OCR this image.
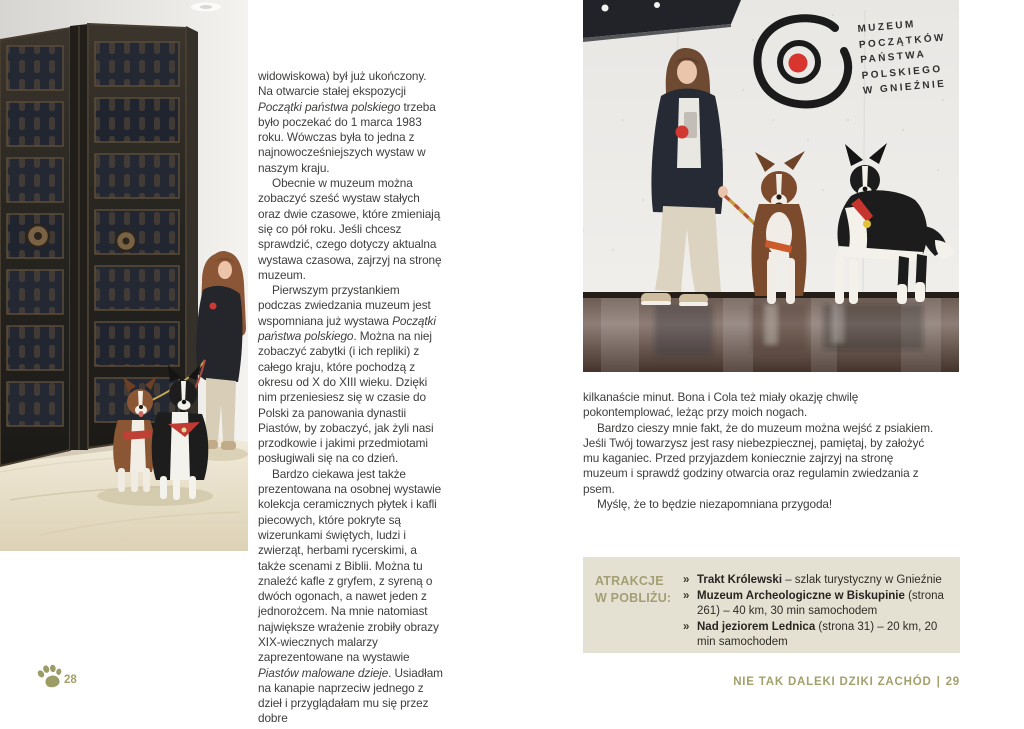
widowiskowa) był już ukończony. Na otwarcie stałej ekspozycji Początki państwa polskiego trzeba było poczekać do 1 marca 1983 roku. Wówczas była to jedna z najnowocześniejszych wystaw w naszym kraju.

Obecnie w muzeum można zobaczyć sześć wystaw stałych oraz dwie czasowe, które zmieniają się co pół roku. Jeśli chcesz sprawdzić, czego dotyczy aktualna wystawa czasowa, zajrzyj na stronę muzeum.

Pierwszym przystankiem podczas zwiedzania muzeum jest wspomniana już wystawa Początki państwa polskiego. Można na niej zobaczyć zabytki (i ich repliki) z całego kraju, które pochodzą z okresu od X do XIII wieku. Dzięki nim przeniesiesz się w czasie do Polski za panowania dynastii Piastów, by zobaczyć, jak żyli nasi przodkowie i jakimi przedmiotami posługiwali się na co dzień.

Bardzo ciekawa jest także prezentowana na osobnej wystawie kolekcja ceramicznych płytek i kafli piecowych, które pokryte są wizerunkami świętych, ludzi i zwierząt, herbami rycerskimi, a także scenami z Biblii. Można tu znaleźć kafle z gryfem, z syreną o dwóch ogonach, a nawet jeden z jednorożcem. Na mnie natomiast największe wrażenie zrobiły obrazy XIX-wiecznych malarzy zaprezentowane na wystawie Piastów malowane dzieje. Usiadłam na kanapie naprzeciw jednego z dzieł i przyglądałam mu się przez dobre

MUZEUM
POCZĄTKÓW
PAŃSTWA
POLSKIEGO
W GNIEŹNIE

kilkanaście minut. Bona i Cola też miały okazję chwilę pokontemplować, leżąc przy moich nogach.

Bardzo cieszy mnie fakt, że do muzeum można wejść z psiakiem. Jeśli Twój towarzysz jest rasy niebezpiecznej, pamiętaj, by założyć mu kaganiec. Przed przyjazdem koniecznie zajrzyj na stronę muzeum i sprawdź godziny otwarcia oraz regulamin zwiedzania z psem.

Myślę, że to będzie niezapomniana przygoda!

ATRAKCJE
W POBLIŻU:
» Trakt Królewski – szlak turystyczny w Gnieźnie
» Muzeum Archeologiczne w Biskupinie (strona 261) – 40 km, 30 min samochodem
» Nad jeziorem Lednica (strona 31) – 20 km, 20 min samochodem
28	NIE TAK DALEKI DZIKI ZACHÓD | 29
